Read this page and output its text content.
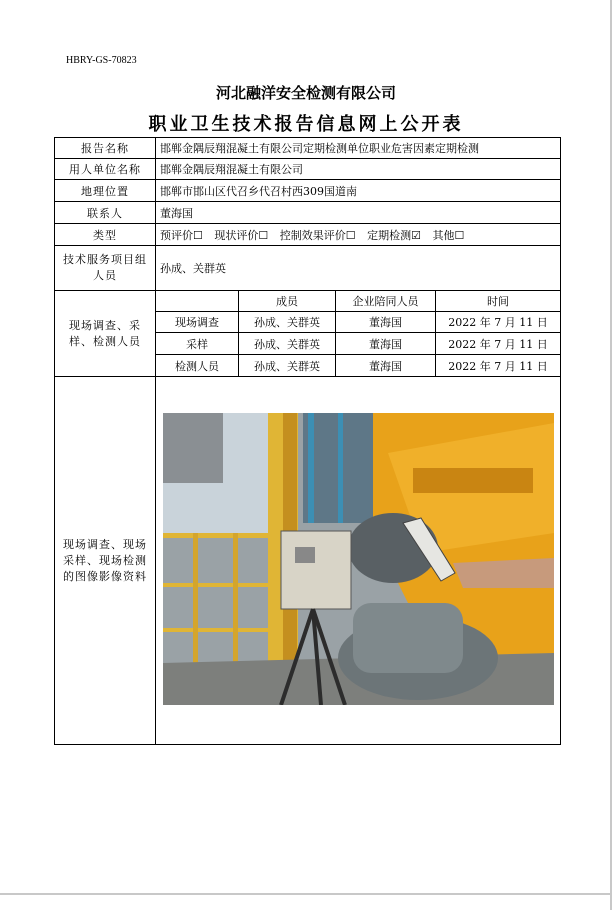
HBRY-GS-70823
河北融洋安全检测有限公司
职业卫生技术报告信息网上公开表
报告名称	邯郸金隅辰翔混凝土有限公司定期检测单位职业危害因素定期检测			
用人单位名称	邯郸金隅辰翔混凝土有限公司			
地理位置	邯郸市邯山区代召乡代召村西309国道南			
联系人	董海国			
类型	预评价☐ 现状评价☐ 控制效果评价☐ 定期检测☑ 其他☐			
技术服务项目组人员	孙成、关群英			
现场调查、采样、检测人员		成员	企业陪同人员	时间
	现场调查	孙成、关群英	董海国	2022 年 7 月 11 日
	采样	孙成、关群英	董海国	2022 年 7 月 11 日
	检测人员	孙成、关群英	董海国	2022 年 7 月 11 日
现场调查、现场采样、现场检测的图像影像资料	
